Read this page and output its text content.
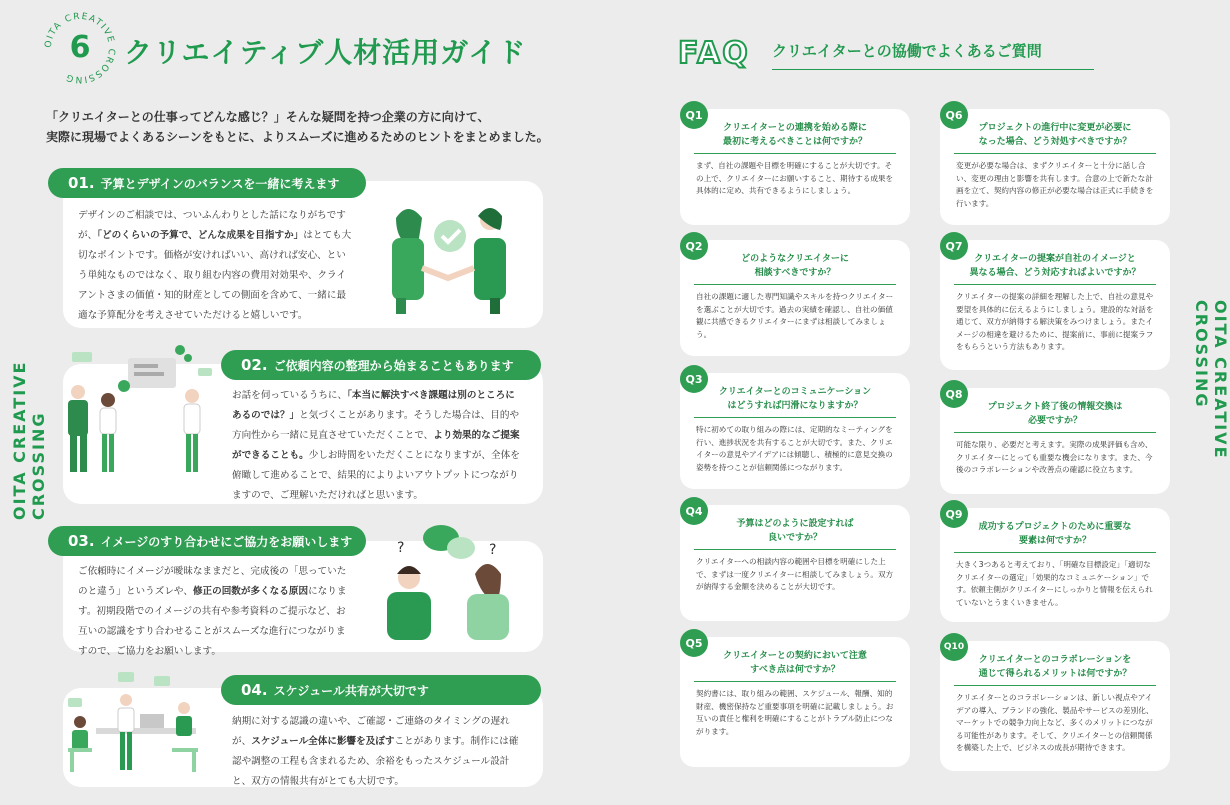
OITA CREATIVE CROSSING
6	クリエイティブ人材活用ガイド
「クリエイターとの仕事ってどんな感じ？」そんな疑問を持つ企業の方に向けて、
実際に現場でよくあるシーンをもとに、よりスムーズに進めるためのヒントをまとめました。
OITA CREATIVE CROSSING
01. 予算とデザインのバランスを一緒に考えます
デザインのご相談では、ついふんわりとした話になりがちですが、「どのくらいの予算で、どんな成果を目指すか」はとても大切なポイントです。価格が安ければいい、高ければ安心、という単純なものではなく、取り組む内容の費用対効果や、クライアントさまの価値・知的財産としての側面を含めて、一緒に最適な予算配分を考えさせていただけると嬉しいです。
02. ご依頼内容の整理から始まることもあります
お話を伺っているうちに、「本当に解決すべき課題は別のところにあるのでは？」と気づくことがあります。そうした場合は、目的や方向性から一緒に見直させていただくことで、より効果的なご提案ができることも。少しお時間をいただくことになりますが、全体を俯瞰して進めることで、結果的によりよいアウトプットにつながりますので、ご理解いただければと思います。
03. イメージのすり合わせにご協力をお願いします
ご依頼時にイメージが曖昧なままだと、完成後の「思っていたのと違う」というズレや、修正の回数が多くなる原因になります。初期段階でのイメージの共有や参考資料のご提示など、お互いの認識をすり合わせることがスムーズな進行につながりますので、ご協力をお願いします。
?	?
04. スケジュール共有が大切です
納期に対する認識の違いや、ご確認・ご連絡のタイミングの遅れが、スケジュール全体に影響を及ぼすことがあります。制作には確認や調整の工程も含まれるため、余裕をもったスケジュール設計と、双方の情報共有がとても大切です。
FAQ クリエイターとの協働でよくあるご質問
OITA CREATIVE CROSSING
Q1
クリエイターとの連携を始める際に
最初に考えるべきことは何ですか？
まず、自社の課題や目標を明確にすることが大切です。その上で、クリエイターにお願いすること、期待する成果を具体的に定め、共有できるようにしましょう。
Q2
どのようなクリエイターに
相談すべきですか？
自社の課題に適した専門知識やスキルを持つクリエイターを選ぶことが大切です。過去の実績を確認し、自社の価値観に共感できるクリエイターにまずは相談してみましょう。
Q3
クリエイターとのコミュニケーション
はどうすれば円滑になりますか？
特に初めての取り組みの際には、定期的なミーティングを行い、進捗状況を共有することが大切です。また、クリエイターの意見やアイデアには傾聴し、積極的に意見交換の姿勢を持つことが信頼関係につながります。
Q4
予算はどのように設定すれば
良いですか？
クリエイターへの相談内容の範囲や目標を明確にした上で、まずは一度クリエイターに相談してみましょう。双方が納得する金額を決めることが大切です。
Q5
クリエイターとの契約において注意
すべき点は何ですか？
契約書には、取り組みの範囲、スケジュール、報酬、知的財産、機密保持など重要事項を明確に記載しましょう。お互いの責任と権利を明確にすることがトラブル防止につながります。
Q6
プロジェクトの進行中に変更が必要に
なった場合、どう対処すべきですか？
変更が必要な場合は、まずクリエイターと十分に話し合い、変更の理由と影響を共有します。合意の上で新たな計画を立て、契約内容の修正が必要な場合は正式に手続きを行います。
Q7
クリエイターの提案が自社のイメージと
異なる場合、どう対応すればよいですか？
クリエイターの提案の詳細を理解した上で、自社の意見や要望を具体的に伝えるようにしましょう。建設的な対話を通じて、双方が納得する解決策をみつけましょう。またイメージの相違を避けるために、提案前に、事前に提案ラフをもらうという方法もあります。
Q8
プロジェクト終了後の情報交換は
必要ですか？
可能な限り、必要だと考えます。実際の成果評価も含め、クリエイターにとっても重要な機会になります。また、今後のコラボレーションや改善点の確認に役立ちます。
Q9
成功するプロジェクトのために重要な
要素は何ですか？
大きく3つあると考えており、「明確な目標設定」「適切なクリエイターの選定」「効果的なコミュニケーション」です。依頼主側がクリエイターにしっかりと情報を伝えられていないとうまくいきません。
Q10
クリエイターとのコラボレーションを
通じて得られるメリットは何ですか？
クリエイターとのコラボレーションは、新しい視点やアイデアの導入、ブランドの強化、製品やサービスの差別化、マーケットでの競争力向上など、多くのメリットにつながる可能性があります。そして、クリエイターとの信頼関係を構築した上で、ビジネスの成長が期待できます。
